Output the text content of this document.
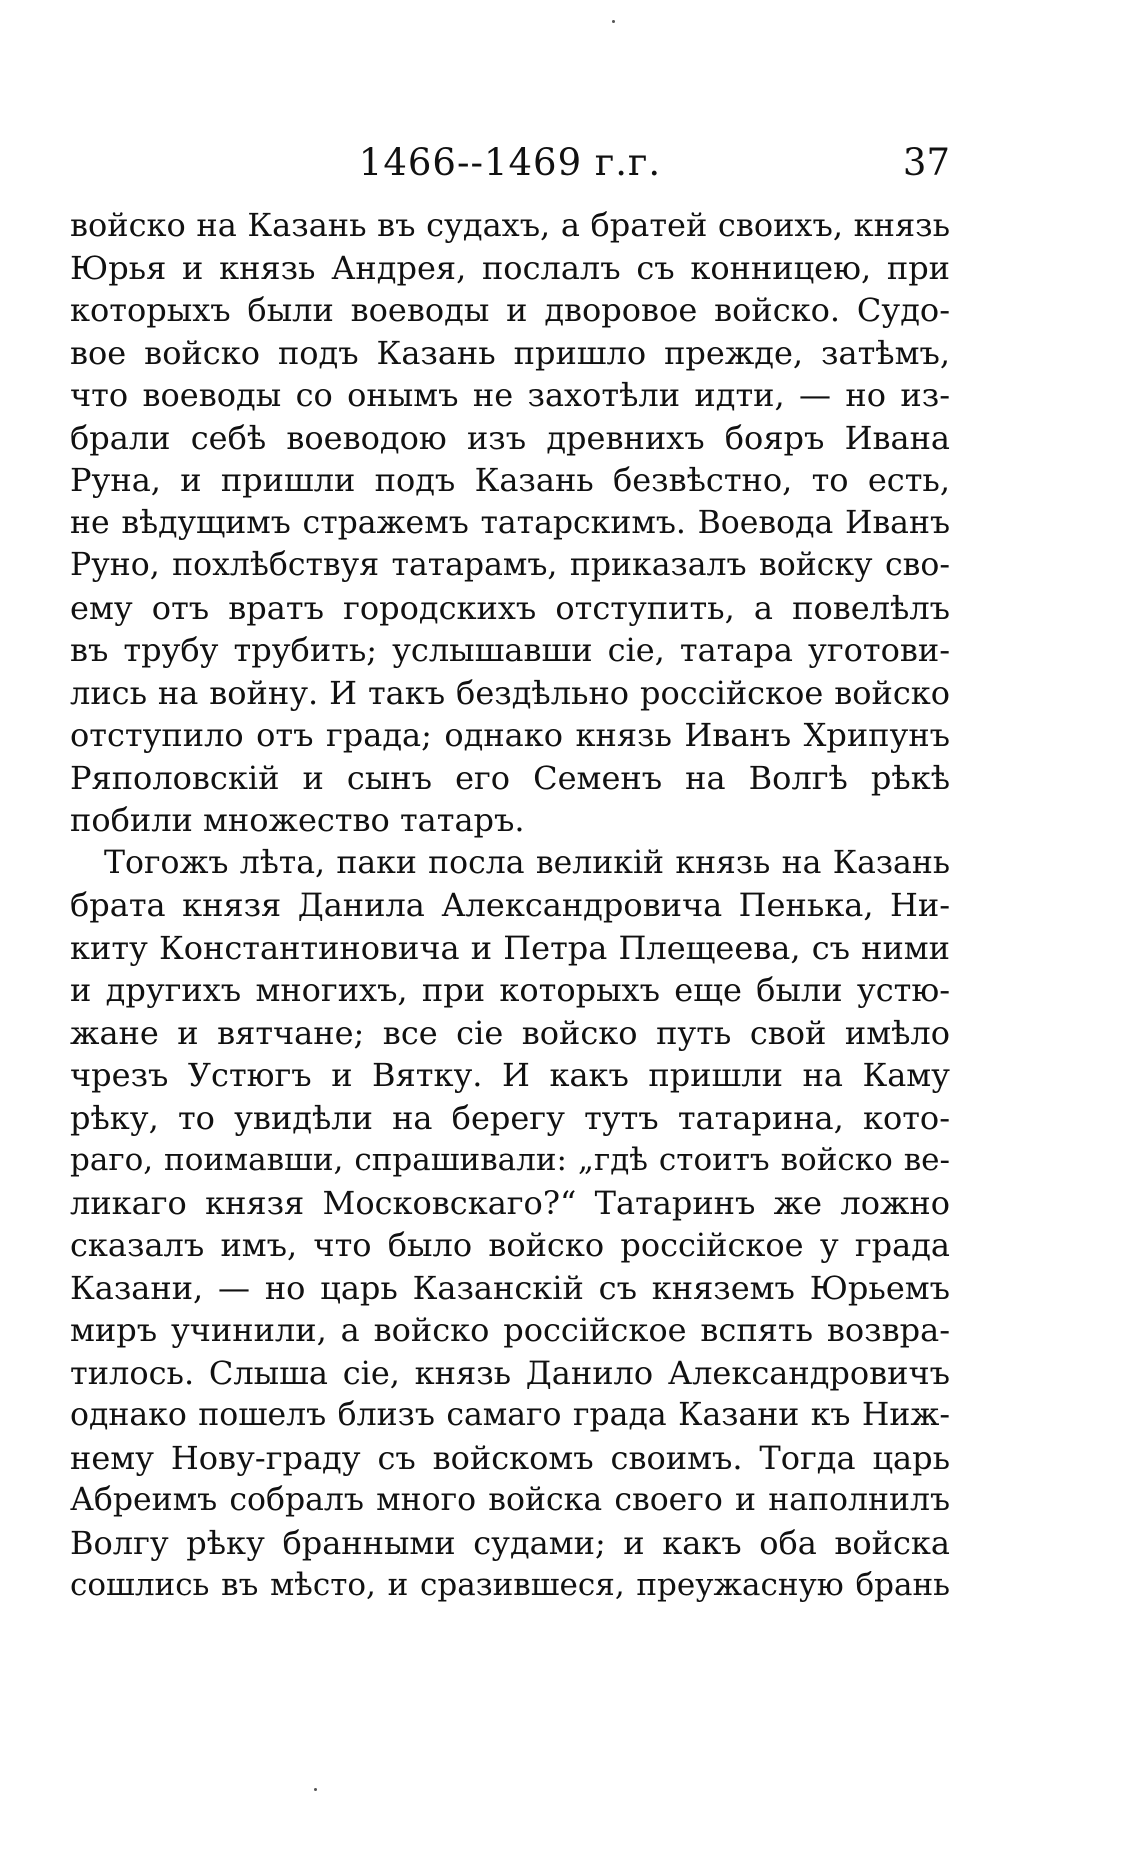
1466--1469 г.г.	37
войско на Казань въ судахъ, а братей своихъ, князь
Юрья и князь Андрея, послалъ съ конницею, при
которыхъ были воеводы и дворовое войско. Судо-
вое войско подъ Казань пришло прежде, затѣмъ,
что воеводы со онымъ не захотѣли идти, — но из-
брали себѣ воеводою изъ древнихъ бояръ Ивана
Руна, и пришли подъ Казань безвѣстно, то есть,
не вѣдущимъ стражемъ татарскимъ. Воевода Иванъ
Руно, похлѣбствуя татарамъ, приказалъ войску сво-
ему отъ вратъ городскихъ отступить, а повелѣлъ
въ трубу трубить; услышавши сіе, татара уготови-
лись на войну. И такъ бездѣльно россійское войско
отступило отъ града; однако князь Иванъ Хрипунъ
Ряполовскій и сынъ его Семенъ на Волгѣ рѣкѣ
побили множество татаръ.
Тогожъ лѣта, паки посла великій князь на Казань
брата князя Данила Александровича Пенька, Ни-
киту Константиновича и Петра Плещеева, съ ними
и другихъ многихъ, при которыхъ еще были устю-
жане и вятчане; все сіе войско путь свой имѣло
чрезъ Устюгъ и Вятку. И какъ пришли на Каму
рѣку, то увидѣли на берегу тутъ татарина, кото-
раго, поимавши, спрашивали: „гдѣ стоитъ войско ве-
ликаго князя Московскаго?“ Татаринъ же ложно
сказалъ имъ, что было войско россійское у града
Казани, — но царь Казанскій съ княземъ Юрьемъ
миръ учинили, а войско россійское вспять возвра-
тилось. Слыша сіе, князь Данило Александровичъ
однако пошелъ близъ самаго града Казани къ Ниж-
нему Нову-граду съ войскомъ своимъ. Тогда царь
Абреимъ собралъ много войска своего и наполнилъ
Волгу рѣку бранными судами; и какъ оба войска
сошлись въ мѣсто, и сразившеся, преужасную брань
